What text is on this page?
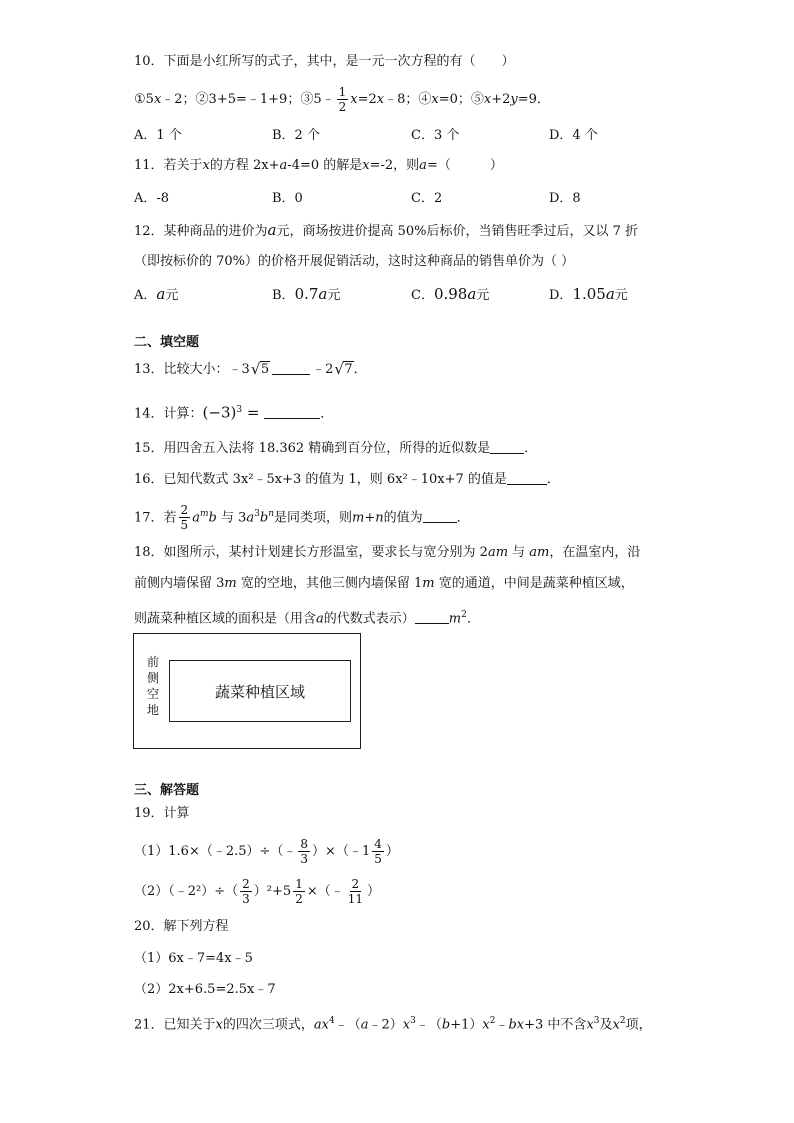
10．下面是小红所写的式子，其中，是一元一次方程的有（　　）
①5x﹣2；②3+5=﹣1+9；③5﹣ $\frac{1}{2}$ x=2x﹣8；④x=0；⑤x+2y=9．
A．1 个	B．2 个	C．3 个	D．4 个
11．若关于x的方程 2x+a-4=0 的解是x=-2，则a=（　　　）
A．-8	B．0	C．2	D．8
12．某种商品的进价为a元，商场按进价提高 50%后标价，当销售旺季过后，又以 7 折
（即按标价的 70%）的价格开展促销活动，这时这种商品的销售单价为（ ）
A．a元	B．0.7a元	C．0.98a元	D．1.05a元
二、填空题
13．比较大小：﹣3 √ 5	﹣2 √ 7．
14．计算：$(-3)^3$ =	．
15．用四舍五入法将 18.362 精确到百分位，所得的近似数是	．
16．已知代数式 3x²﹣5x+3 的值为 1，则 6x²﹣10x+7 的值是	．
17．若 $\frac{2}{5} a^mb$ 与 $3a^3b^n$是同类项，则m+n的值为	．
18．如图所示，某村计划建长方形温室，要求长与宽分别为 2am 与 am，在温室内，沿
前侧内墙保留 3m 宽的空地，其他三侧内墙保留 1m 宽的通道，中间是蔬菜种植区域，
则蔬菜种植区域的面积是（用含a的代数式表示）	$m^2$．
前
侧
空
地
蔬菜种植区域
三、解答题
19．计算
（1）1.6×（﹣2.5）÷（﹣ $\frac{8}{3}$ ）×（﹣1 $\frac{4}{5}$ ）
（2）（﹣2²）÷（ $\frac{2}{3} )^2+5 \frac{1}{2}$ ×（﹣ $\frac{2}{11}$ ）
20．解下列方程
（1）6x﹣7=4x﹣5
（2）2x+6.5=2.5x﹣7
21．已知关于x的四次三项式，$ax^4﹣(a﹣2)x^3﹣(b+1)x^2﹣bx+3$ 中不含$x^3$及$x^2$项，
